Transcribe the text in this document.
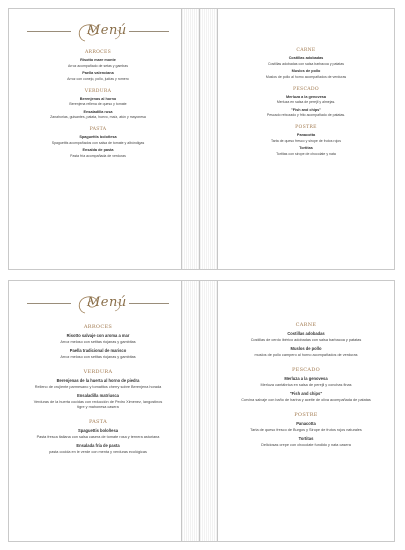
Menú
ARROCES
Risotto mare monte
Arroz acompañado de setas y gambas
Paella valenciana
Arroz con conejo, pollo, judías y romero
VERDURA
Berenjenas al horno
Berenjena rellena de queso y tomate
Ensaladilla rusa
Zanahorias, guisantes, patata, huevo, maíz, atún y mayonesa
PASTA
Spaguettis boloñesa
Spaguettis acompañados con salsa de tomate y albóndigas
Ensalda de pasta
Pasta fría acompañada de verduras
CARNE
Costillas adobadas
Costillas adobadas con salsa barbacoa y patatas
Muslos de pollo
Muslos de pollo al horno acompañados de verduras
PESCADO
Merluza a la genovesa
Merluza en salsa de perejil y almejas.
"Fish and chips"
Pescado rebozado y frito acompañado de patatas.
POSTRE
Panacotta
Tarta de queso fresco y sirope de frutos rojos
Tortitas
Tortitas con sirope de chocolate y nata
Menú
ARROCES
Risotto salvaje con aroma a mar
Arroz meloso con setitas riojanas y gambitas
Paella tradicional de marisco
Arroz meloso con setitas riojanas y gambitas
VERDURA
Berenjenas de la huerta al horno de piedra
Relleno de crujiente parmesano y tomatitos cherry sobre Berenjena horada
Ensaladilla matriusca
Verduras de la huerta cocidas con reducción de Pedro Ximenez, langostinos tigre y mahonesa casera
PASTA
Spaguettis boloñesa
Pasta fresca italiana con salsa casera de tomate rosa y ternera asturiana
Ensalada fría de pasta
pasta cocida en le verde con menta y verduras ecológicas
CARNE
Costillas adobadas
Costillas de cerdo ibérico adobadas con salsa barbacoa y patatas
Muslos de pollo
muslos de pollo campero al horno acompañados de verduras
PESCADO
Merluza a la genovesa
Merluza cantábrica en salsa de perejil y conchas finas
"Fish and chips"
Corvina salvaje con baño de harina y aceite de oliva acompañada de patatas
POSTRE
Panacotta
Tarta de queso fresco de Burgos y Sirope de frutos rojos naturales
Tortitas
Deliciosas crepe con chocolate fundido y nata casera
